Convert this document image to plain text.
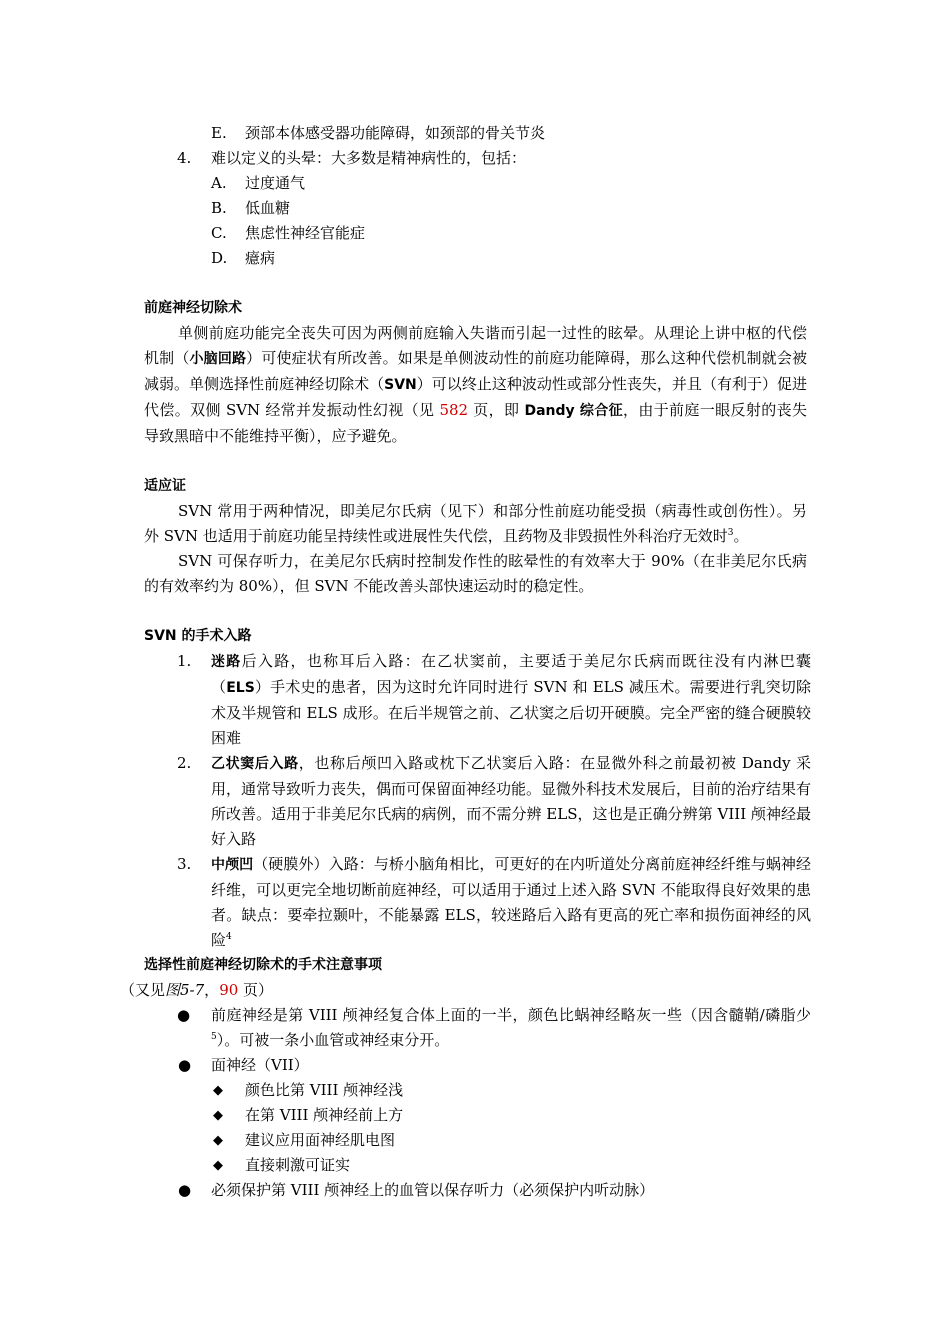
E. 颈部本体感受器功能障碍，如颈部的骨关节炎
4. 难以定义的头晕：大多数是精神病性的，包括：
A. 过度通气
B. 低血糖
C. 焦虑性神经官能症
D. 癔病
前庭神经切除术

单侧前庭功能完全丧失可因为两侧前庭输入失谐而引起一过性的眩晕。从理论上讲中枢的代偿机制（小脑回路）可使症状有所改善。如果是单侧波动性的前庭功能障碍，那么这种代偿机制就会被减弱。单侧选择性前庭神经切除术（SVN）可以终止这种波动性或部分性丧失，并且（有利于）促进代偿。双侧 SVN 经常并发振动性幻视（见 582 页，即 Dandy 综合征，由于前庭一眼反射的丧失导致黑暗中不能维持平衡），应予避免。

适应证

SVN 常用于两种情况，即美尼尔氏病（见下）和部分性前庭功能受损（病毒性或创伤性）。另外 SVN 也适用于前庭功能呈持续性或进展性失代偿，且药物及非毁损性外科治疗无效时$^3$。

SVN 可保存听力，在美尼尔氏病时控制发作性的眩晕性的有效率大于 90%（在非美尼尔氏病的有效率约为 80%），但 SVN 不能改善头部快速运动时的稳定性。

SVN 的手术入路
1. 迷路后入路，也称耳后入路：在乙状窦前，主要适于美尼尔氏病而既往没有内淋巴囊（ELS）手术史的患者，因为这时允许同时进行 SVN 和 ELS 减压术。需要进行乳突切除术及半规管和 ELS 成形。在后半规管之前、乙状窦之后切开硬膜。完全严密的缝合硬膜较困难
2. 乙状窦后入路，也称后颅凹入路或枕下乙状窦后入路：在显微外科之前最初被 Dandy 采用，通常导致听力丧失，偶而可保留面神经功能。显微外科技术发展后，目前的治疗结果有所改善。适用于非美尼尔氏病的病例，而不需分辨 ELS，这也是正确分辨第 VIII 颅神经最好入路
3. 中颅凹（硬膜外）入路：与桥小脑角相比，可更好的在内听道处分离前庭神经纤维与蜗神经纤维，可以更完全地切断前庭神经，可以适用于通过上述入路 SVN 不能取得良好效果的患者。缺点：要牵拉颞叶，不能暴露 ELS，较迷路后入路有更高的死亡率和损伤面神经的风险$^4$
选择性前庭神经切除术的手术注意事项
（又见图5-7，90 页）
● 前庭神经是第 VIII 颅神经复合体上面的一半，颜色比蜗神经略灰一些（因含髓鞘/磷脂少$^5$）。可被一条小血管或神经束分开。
● 面神经（VII）
◆ 颜色比第 VIII 颅神经浅
◆ 在第 VIII 颅神经前上方
◆ 建议应用面神经肌电图
◆ 直接刺激可证实
● 必须保护第 VIII 颅神经上的血管以保存听力（必须保护内听动脉）
